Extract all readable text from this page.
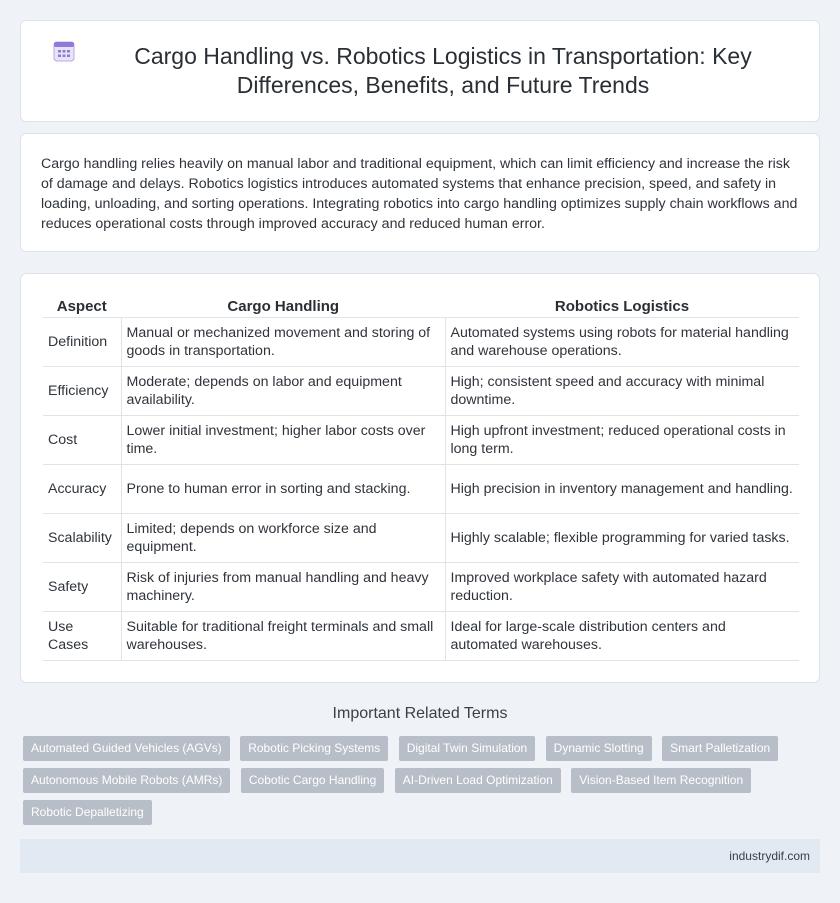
Cargo Handling vs. Robotics Logistics in Transportation: Key Differences, Benefits, and Future Trends

Cargo handling relies heavily on manual labor and traditional equipment, which can limit efficiency and increase the risk of damage and delays. Robotics logistics introduces automated systems that enhance precision, speed, and safety in loading, unloading, and sorting operations. Integrating robotics into cargo handling optimizes supply chain workflows and reduces operational costs through improved accuracy and reduced human error.

Aspect	Cargo Handling	Robotics Logistics
Definition	Manual or mechanized movement and storing of goods in transportation.	Automated systems using robots for material handling and warehouse operations.
Efficiency	Moderate; depends on labor and equipment availability.	High; consistent speed and accuracy with minimal downtime.
Cost	Lower initial investment; higher labor costs over time.	High upfront investment; reduced operational costs in long term.
Accuracy	Prone to human error in sorting and stacking.	High precision in inventory management and handling.
Scalability	Limited; depends on workforce size and equipment.	Highly scalable; flexible programming for varied tasks.
Safety	Risk of injuries from manual handling and heavy machinery.	Improved workplace safety with automated hazard reduction.
Use Cases	Suitable for traditional freight terminals and small warehouses.	Ideal for large-scale distribution centers and automated warehouses.
Important Related Terms
Automated Guided Vehicles (AGVs) Robotic Picking Systems Digital Twin Simulation Dynamic Slotting Smart Palletization Autonomous Mobile Robots (AMRs) Cobotic Cargo Handling AI-Driven Load Optimization Vision-Based Item Recognition Robotic Depalletizing
industrydif.com
